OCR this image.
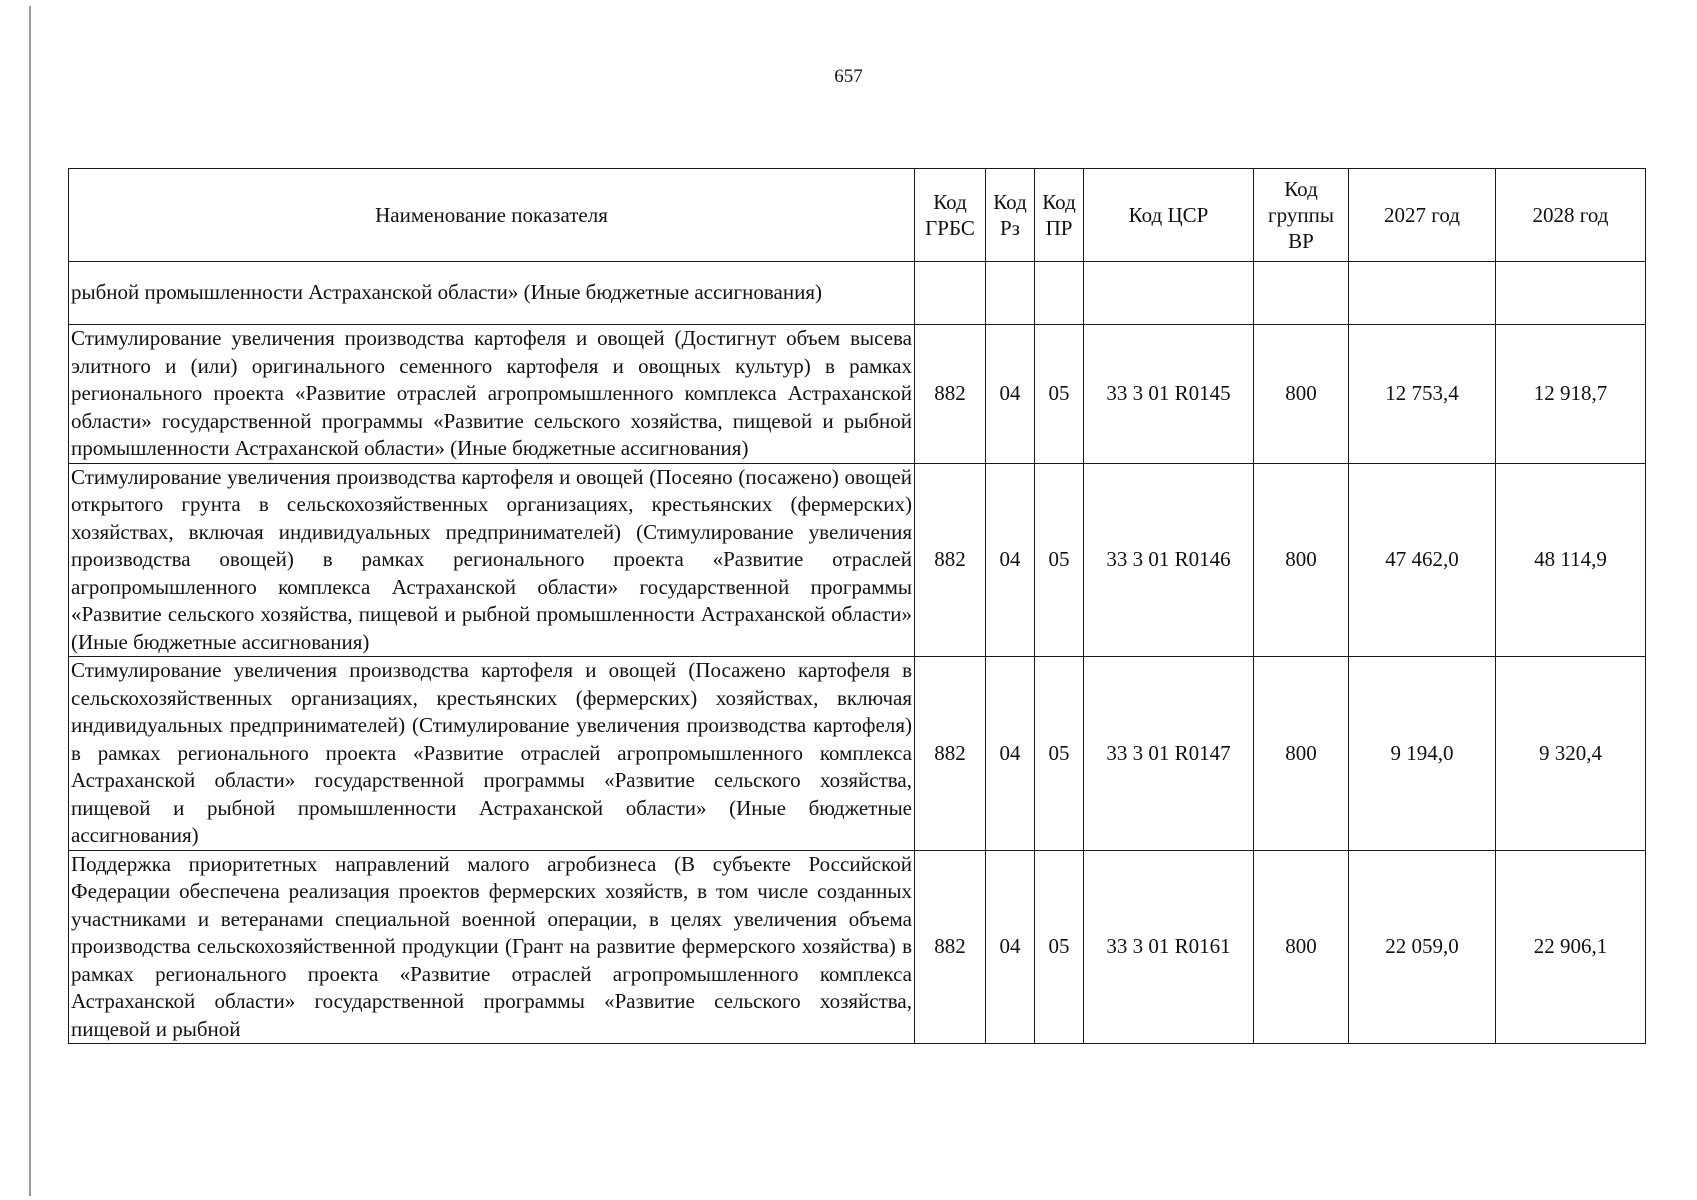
657
Наименование показателя	Код ГРБС	Код Рз	Код ПР	Код ЦСР	Код группы ВР	2027 год	2028 год
рыбной промышленности Астраханской области» (Иные бюджетные ассигнования)							
Стимулирование увеличения производства картофеля и овощей (Достигнут объем высева элитного и (или) оригинального семенного картофеля и овощных культур) в рамках регионального проекта «Развитие отраслей агропромышленного комплекса Астраханской области» государственной программы «Развитие сельского хозяйства, пищевой и рыбной промышленности Астраханской области» (Иные бюджетные ассигнования)	882	04	05	33 3 01 R0145	800	12 753,4	12 918,7
Стимулирование увеличения производства картофеля и овощей (Посеяно (посажено) овощей открытого грунта в сельскохозяйственных организациях, крестьянских (фермерских) хозяйствах, включая индивидуальных предпринимателей) (Стимулирование увеличения производства овощей) в рамках регионального проекта «Развитие отраслей агропромышленного комплекса Астраханской области» государственной программы «Развитие сельского хозяйства, пищевой и рыбной промышленности Астраханской области» (Иные бюджетные ассигнования)	882	04	05	33 3 01 R0146	800	47 462,0	48 114,9
Стимулирование увеличения производства картофеля и овощей (Посажено картофеля в сельскохозяйственных организациях, крестьянских (фермерских) хозяйствах, включая индивидуальных предпринимателей) (Стимулирование увеличения производства картофеля) в рамках регионального проекта «Развитие отраслей агропромышленного комплекса Астраханской области» государственной программы «Развитие сельского хозяйства, пищевой и рыбной промышленности Астраханской области» (Иные бюджетные ассигнования)	882	04	05	33 3 01 R0147	800	9 194,0	9 320,4
Поддержка приоритетных направлений малого агробизнеса (В субъекте Российской Федерации обеспечена реализация проектов фермерских хозяйств, в том числе созданных участниками и ветеранами специальной военной операции, в целях увеличения объема производства сельскохозяйственной продукции (Грант на развитие фермерского хозяйства) в рамках регионального проекта «Развитие отраслей агропромышленного комплекса Астраханской области» государственной программы «Развитие сельского хозяйства, пищевой и рыбной	882	04	05	33 3 01 R0161	800	22 059,0	22 906,1
